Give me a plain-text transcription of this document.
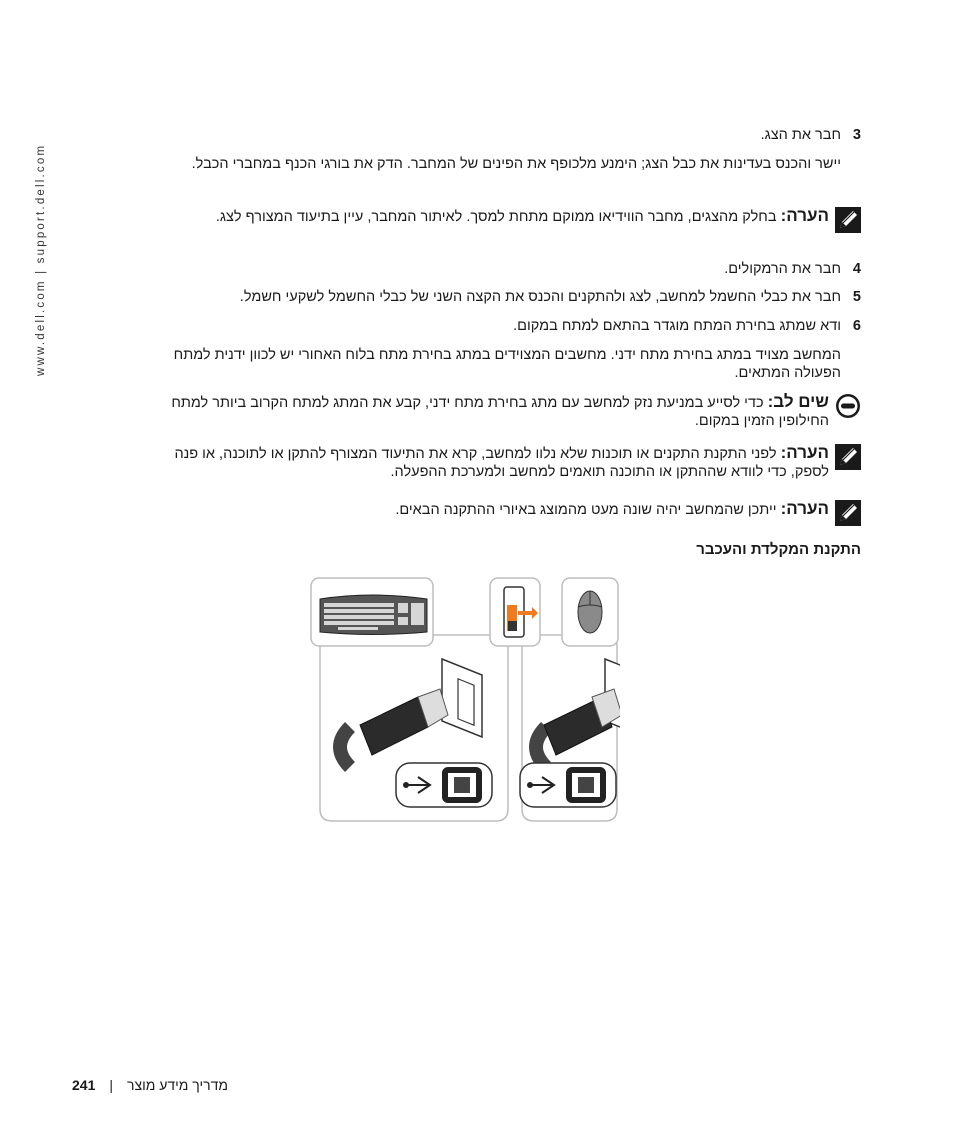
www.dell.com | support.dell.com
3חבר את הצג.
יישר והכנס בעדינות את כבל הצג; הימנע מלכופף את הפינים של המחבר. הדק את בורגי הכנף במחברי הכבל.
הערה: בחלק מהצגים, מחבר הווידיאו ממוקם מתחת למסך. לאיתור המחבר, עיין בתיעוד המצורף לצג.
4חבר את הרמקולים.
5חבר את כבלי החשמל למחשב, לצג ולהתקנים והכנס את הקצה השני של כבלי החשמל לשקעי חשמל.
6ודא שמתג בחירת המתח מוגדר בהתאם למתח במקום.
המחשב מצויד במתג בחירת מתח ידני. מחשבים המצוידים במתג בחירת מתח בלוח האחורי יש לכוון ידנית למתח הפעולה המתאים.
שים לב: כדי לסייע במניעת נזק למחשב עם מתג בחירת מתח ידני, קבע את המתג למתח הקרוב ביותר למתח החילופין הזמין במקום.
הערה: לפני התקנת התקנים או תוכנות שלא נלוו למחשב, קרא את התיעוד המצורף להתקן או לתוכנה, או פנה לספק, כדי לוודא שההתקן או התוכנה תואמים למחשב ולמערכת ההפעלה.
הערה: ייתכן שהמחשב יהיה שונה מעט מהמוצג באיורי ההתקנה הבאים.
התקנת המקלדת והעכבר
241 | מדריך מידע מוצר
